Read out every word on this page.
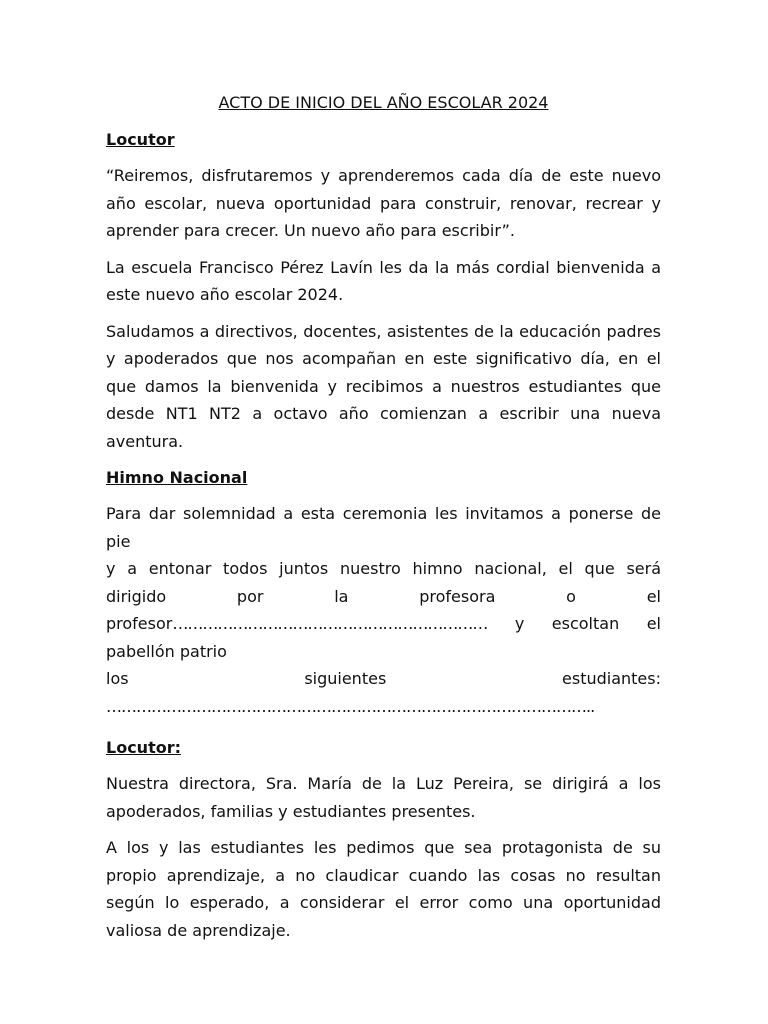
ACTO DE INICIO DEL AÑO ESCOLAR 2024
Locutor

“Reiremos, disfrutaremos y aprenderemos cada día de este nuevo año escolar, nueva oportunidad para construir, renovar, recrear y aprender para crecer. Un nuevo año para escribir”.

La escuela Francisco Pérez Lavín les da la más cordial bienvenida a este nuevo año escolar 2024.

Saludamos a directivos, docentes, asistentes de la educación padres y apoderados que nos acompañan en este significativo día, en el que damos la bienvenida y recibimos a nuestros estudiantes que desde NT1 NT2 a octavo año comienzan a escribir una nueva aventura.

Himno Nacional
Para dar solemnidad a esta ceremonia les invitamos a ponerse de pie
y a entonar todos juntos nuestro himno nacional, el que será
dirigido por la profesora o el
profesor……………………………………………………… y escoltan el pabellón patrio
los siguientes estudiantes:
……………………………………………………………………………………..
Locutor:

Nuestra directora, Sra. María de la Luz Pereira, se dirigirá a los apoderados, familias y estudiantes presentes.

A los y las estudiantes les pedimos que sea protagonista de su propio aprendizaje, a no claudicar cuando las cosas no resultan según lo esperado, a considerar el error como una oportunidad valiosa de aprendizaje.
